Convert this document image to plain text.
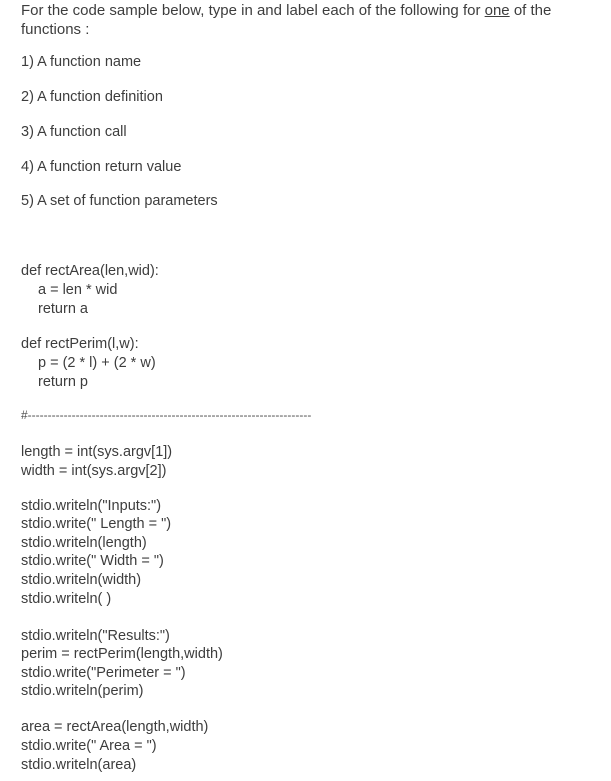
For the code sample below, type in and label each of the following for one of the functions :
1) A function name
2) A function definition
3) A function call
4) A function return value
5) A set of function parameters
def rectArea(len,wid):
a = len * wid
return a
def rectPerim(l,w):
p = (2 * l) + (2 * w)
return p
#-----------------------------------------------------------------------
length = int(sys.argv[1])
width = int(sys.argv[2])
stdio.writeln("Inputs:")
stdio.write(" Length = ")
stdio.writeln(length)
stdio.write(" Width = ")
stdio.writeln(width)
stdio.writeln( )
stdio.writeln("Results:")
perim = rectPerim(length,width)
stdio.write("Perimeter = ")
stdio.writeln(perim)
area = rectArea(length,width)
stdio.write(" Area = ")
stdio.writeln(area)
